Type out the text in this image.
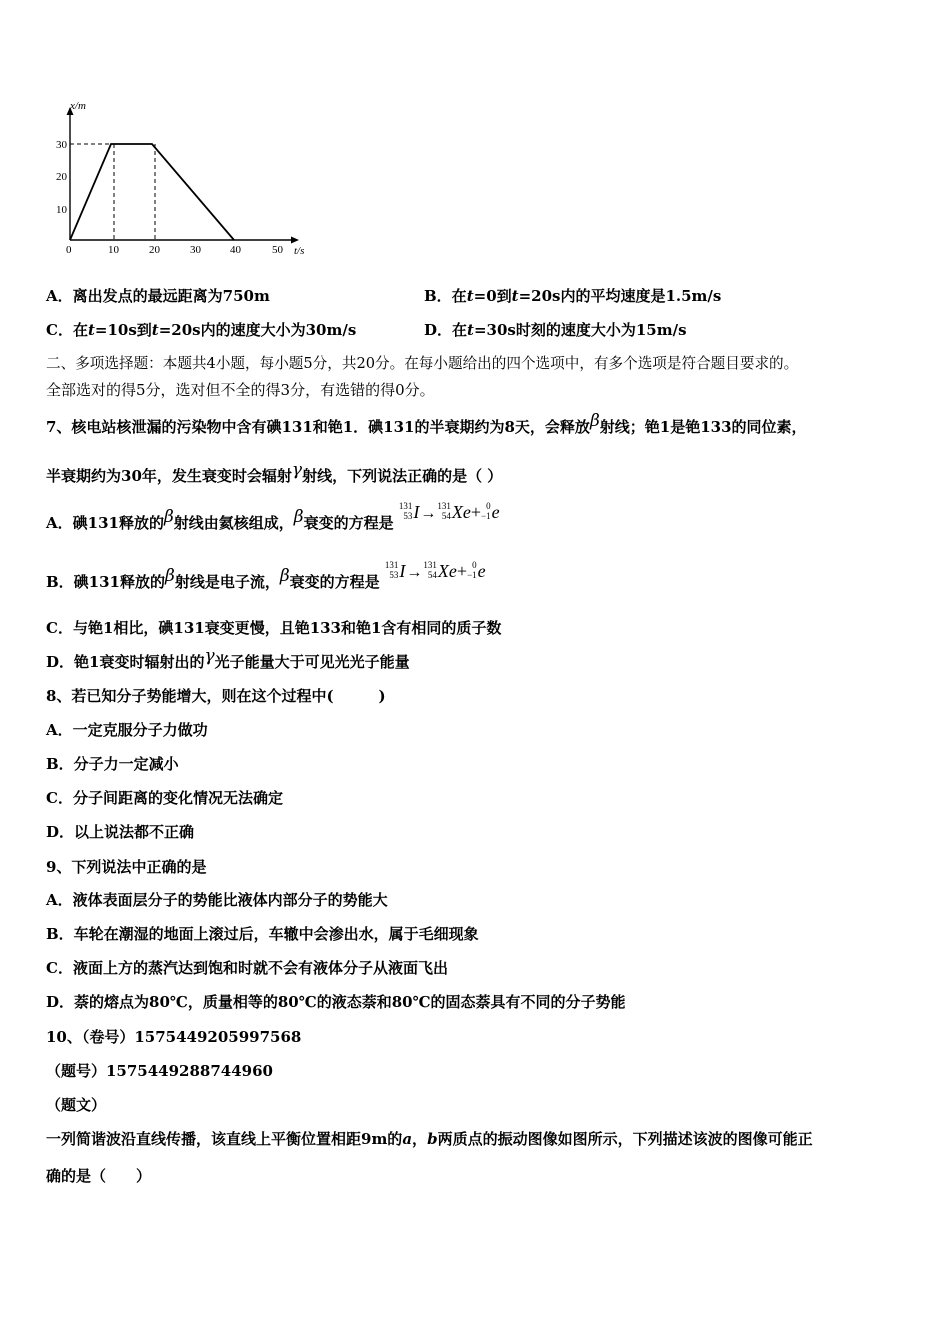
x/m
t/s
0	10	20	30	40	50
10
20
30
A．离出发点的最远距离为750m	B．在t=0到t=20s内的平均速度是1.5m/s
C．在t=10s到t=20s内的速度大小为30m/s	D．在t=30s时刻的速度大小为15m/s
二、多项选择题：本题共4小题，每小题5分，共20分。在每小题给出的四个选项中，有多个选项是符合题目要求的。
全部选对的得5分，选对但不全的得3分，有选错的得0分。
7、核电站核泄漏的污染物中含有碘131和铯1．碘131的半衰期约为8天，会释放β射线；铯1是铯133的同位素，
半衰期约为30年，发生衰变时会辐射γ射线，下列说法正确的是（ ）
A．碘131释放的β射线由氦核组成，β衰变的方程是
131
53 I→ 131
54 Xe+ 0
−1 e
B．碘131释放的β射线是电子流，β衰变的方程是
131
53 I→ 131
54 Xe+ 0
−1 e
C．与铯1相比，碘131衰变更慢，且铯133和铯1含有相同的质子数
D．铯1衰变时辐射出的γ光子能量大于可见光光子能量
8、若已知分子势能增大，则在这个过程中(　　　)
A．一定克服分子力做功
B．分子力一定减小
C．分子间距离的变化情况无法确定
D．以上说法都不正确
9、下列说法中正确的是
A．液体表面层分子的势能比液体内部分子的势能大
B．车轮在潮湿的地面上滚过后，车辙中会渗出水，属于毛细现象
C．液面上方的蒸汽达到饱和时就不会有液体分子从液面飞出
D．萘的熔点为80℃，质量相等的80℃的液态萘和80℃的固态萘具有不同的分子势能
10、（卷号）1575449205997568
（题号）1575449288744960
（题文）
一列简谐波沿直线传播，该直线上平衡位置相距9m的a，b两质点的振动图像如图所示，下列描述该波的图像可能正
确的是（　　）
